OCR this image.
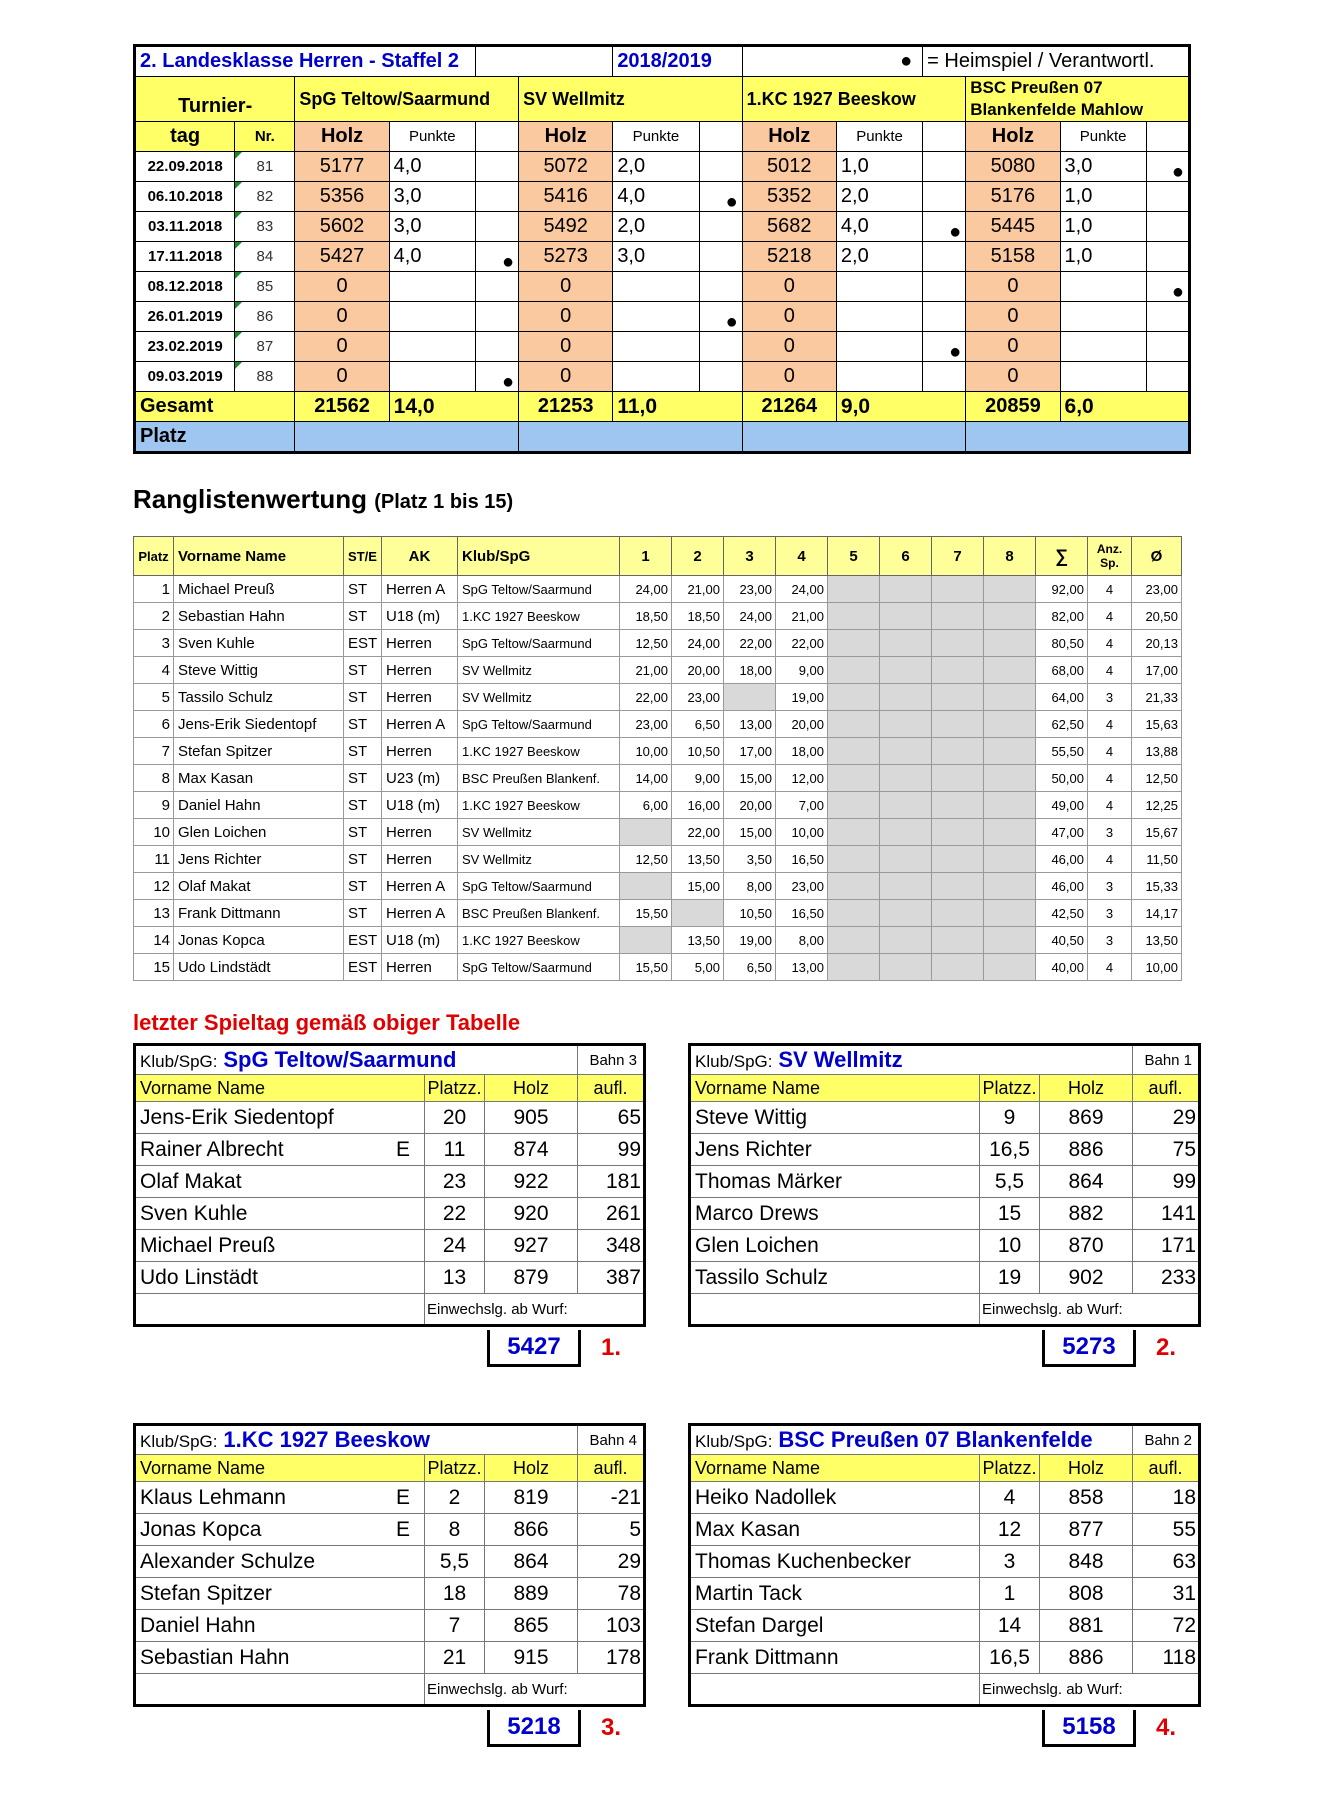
2. Landesklasse Herren - Staffel 2						2018/2019		●		= Heimspiel / Verantwortl.			

Turnier-		SpG Teltow/Saarmund			SV Wellmitz			1.KC 1927 Beeskow			BSC Preußen 07
Blankenfelde Mahlow		

tag	Nr.	Holz	Punkte		Holz	Punkte		Holz	Punkte		Holz	Punkte	
22.09.2018	81	5177	4,0		5072	2,0		5012	1,0		5080	3,0	●
06.10.2018	82	5356	3,0		5416	4,0	●	5352	2,0		5176	1,0	
03.11.2018	83	5602	3,0		5492	2,0		5682	4,0	●	5445	1,0	
17.11.2018	84	5427	4,0	●	5273	3,0		5218	2,0		5158	1,0	
08.12.2018	85	0			0			0			0		●
26.01.2019	86	0			0		●	0			0		
23.02.2019	87	0			0			0		●	0		
09.03.2019	88	0		●	0			0			0		
Gesamt		21562	14,0		21253	11,0		21264	9,0		20859	6,0	
Platz													
Ranglistenwertung (Platz 1 bis 15)
Platz	Vorname Name	ST/E	AK	Klub/SpG	1	2	3	4	5	6	7	8	∑	Anz.
Sp.	Ø
1	Michael Preuß	ST	Herren A	SpG Teltow/Saarmund	24,00	21,00	23,00	24,00					92,00	4	23,00
2	Sebastian Hahn	ST	U18 (m)	1.KC 1927 Beeskow	18,50	18,50	24,00	21,00					82,00	4	20,50
3	Sven Kuhle	EST	Herren	SpG Teltow/Saarmund	12,50	24,00	22,00	22,00					80,50	4	20,13
4	Steve Wittig	ST	Herren	SV Wellmitz	21,00	20,00	18,00	9,00					68,00	4	17,00
5	Tassilo Schulz	ST	Herren	SV Wellmitz	22,00	23,00		19,00					64,00	3	21,33
6	Jens-Erik Siedentopf	ST	Herren A	SpG Teltow/Saarmund	23,00	6,50	13,00	20,00					62,50	4	15,63
7	Stefan Spitzer	ST	Herren	1.KC 1927 Beeskow	10,00	10,50	17,00	18,00					55,50	4	13,88
8	Max Kasan	ST	U23 (m)	BSC Preußen Blankenf.	14,00	9,00	15,00	12,00					50,00	4	12,50
9	Daniel Hahn	ST	U18 (m)	1.KC 1927 Beeskow	6,00	16,00	20,00	7,00					49,00	4	12,25
10	Glen Loichen	ST	Herren	SV Wellmitz		22,00	15,00	10,00					47,00	3	15,67
11	Jens Richter	ST	Herren	SV Wellmitz	12,50	13,50	3,50	16,50					46,00	4	11,50
12	Olaf Makat	ST	Herren A	SpG Teltow/Saarmund		15,00	8,00	23,00					46,00	3	15,33
13	Frank Dittmann	ST	Herren A	BSC Preußen Blankenf.	15,50		10,50	16,50					42,50	3	14,17
14	Jonas Kopca	EST	U18 (m)	1.KC 1927 Beeskow		13,50	19,00	8,00					40,50	3	13,50
15	Udo Lindstädt	EST	Herren	SpG Teltow/Saarmund	15,50	5,00	6,50	13,00					40,00	4	10,00
letzter Spieltag gemäß obiger Tabelle
Klub/SpG: SpG Teltow/Saarmund			Bahn 3
Vorname Name	Platzz.	Holz	aufl.
Jens-Erik Siedentopf	20	905	65
Rainer Albrecht E	11	874	99
Olaf Makat	23	922	181
Sven Kuhle	22	920	261
Michael Preuß	24	927	348
Udo Linstädt	13	879	387
	Einwechslg. ab Wurf:		
5427	1.
Klub/SpG: SV Wellmitz			Bahn 1
Vorname Name	Platzz.	Holz	aufl.
Steve Wittig	9	869	29
Jens Richter	16,5	886	75
Thomas Märker	5,5	864	99
Marco Drews	15	882	141
Glen Loichen	10	870	171
Tassilo Schulz	19	902	233
	Einwechslg. ab Wurf:		
5273	2.
Klub/SpG: 1.KC 1927 Beeskow			Bahn 4
Vorname Name	Platzz.	Holz	aufl.
Klaus Lehmann E	2	819	-21
Jonas Kopca E	8	866	5
Alexander Schulze	5,5	864	29
Stefan Spitzer	18	889	78
Daniel Hahn	7	865	103
Sebastian Hahn	21	915	178
	Einwechslg. ab Wurf:		
5218	3.
Klub/SpG: BSC Preußen 07 Blankenfelde			Bahn 2
Vorname Name	Platzz.	Holz	aufl.
Heiko Nadollek	4	858	18
Max Kasan	12	877	55
Thomas Kuchenbecker	3	848	63
Martin Tack	1	808	31
Stefan Dargel	14	881	72
Frank Dittmann	16,5	886	118
	Einwechslg. ab Wurf:		
5158	4.
